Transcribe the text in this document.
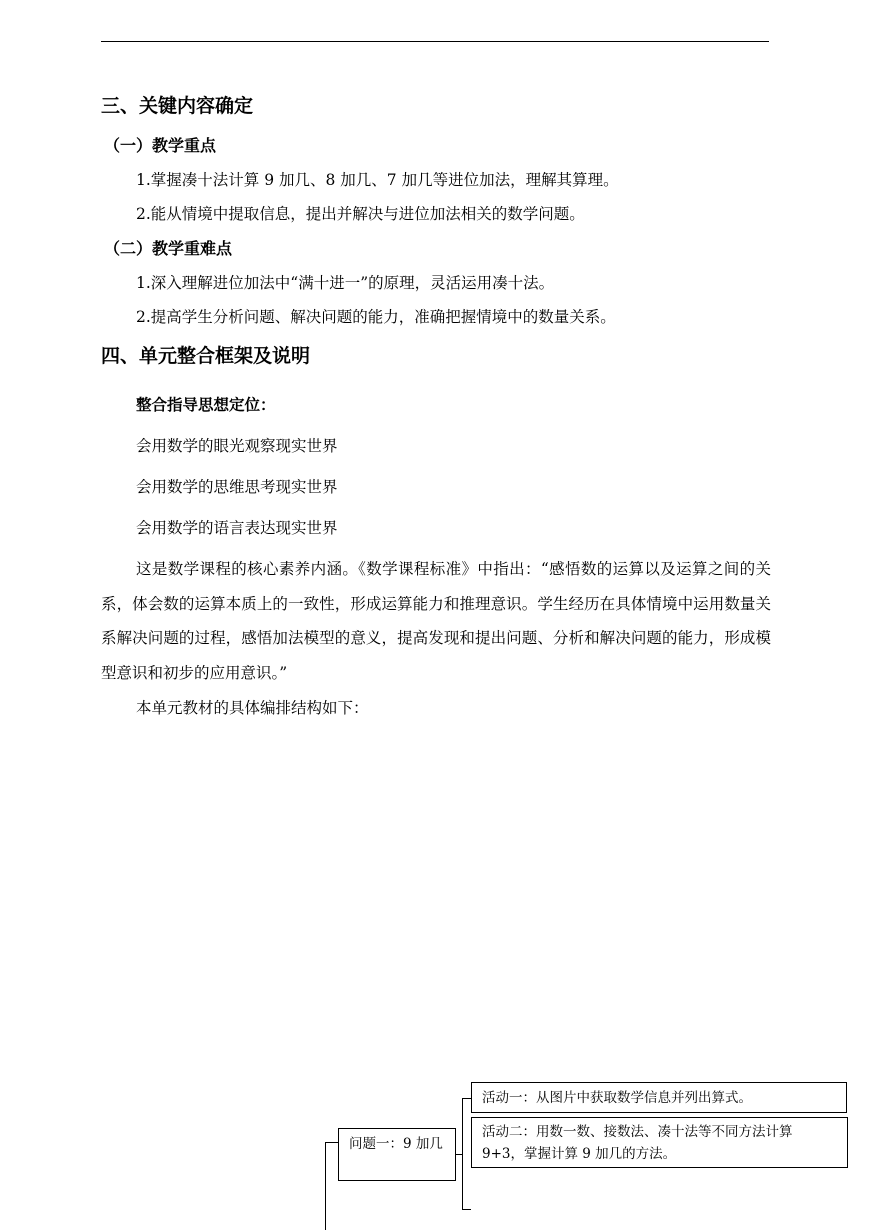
三、关键内容确定
（一）教学重点
1.掌握凑十法计算 9 加几、8 加几、7 加几等进位加法，理解其算理。
2.能从情境中提取信息，提出并解决与进位加法相关的数学问题。
（二）教学重难点
1.深入理解进位加法中“满十进一”的原理，灵活运用凑十法。
2.提高学生分析问题、解决问题的能力，准确把握情境中的数量关系。
四、单元整合框架及说明
整合指导思想定位：
会用数学的眼光观察现实世界
会用数学的思维思考现实世界
会用数学的语言表达现实世界
这是数学课程的核心素养内涵。《数学课程标准》中指出：“感悟数的运算以及运算之间的关系，体会数的运算本质上的一致性，形成运算能力和推理意识。学生经历在具体情境中运用数量关系解决问题的过程，感悟加法模型的意义，提高发现和提出问题、分析和解决问题的能力，形成模型意识和初步的应用意识。”
本单元教材的具体编排结构如下：
问题一：9 加几
活动一：从图片中获取数学信息并列出算式。
活动二：用数一数、接数法、凑十法等不同方法计算 9+3，掌握计算 9 加几的方法。
